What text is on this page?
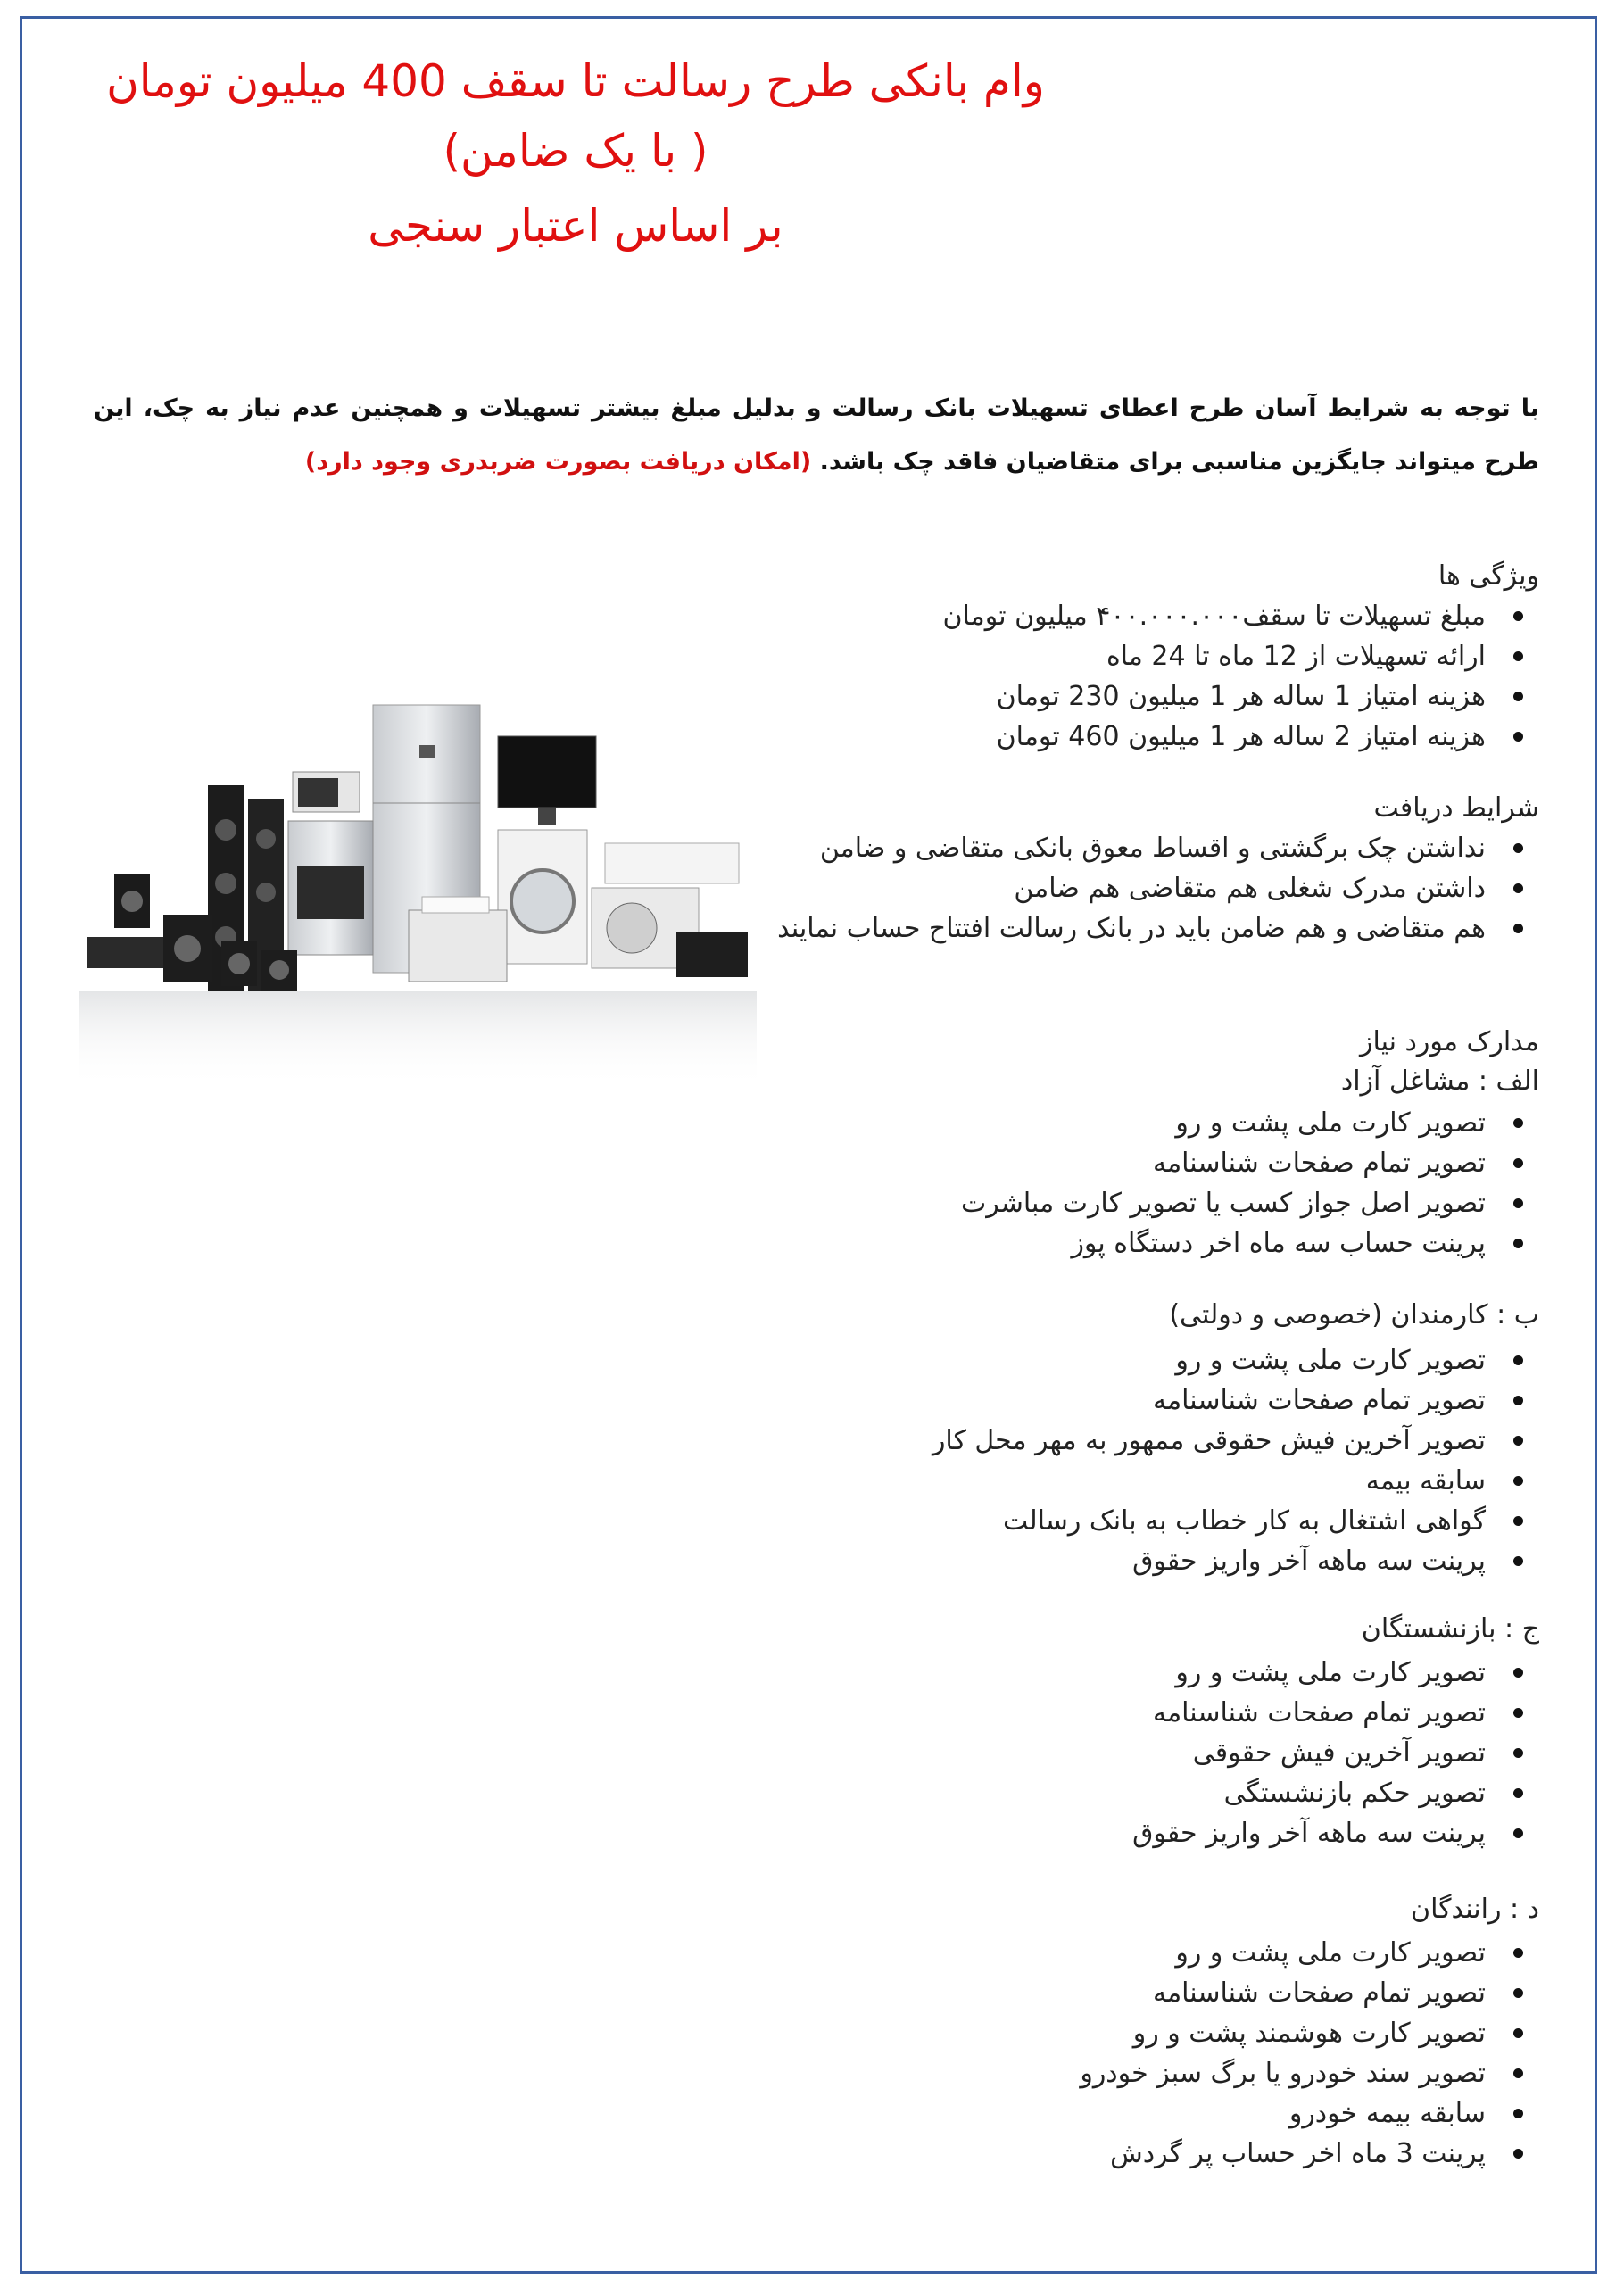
وام بانکی طرح رسالت تا سقف 400 میلیون تومان
( با یک ضامن)
بر اساس اعتبار سنجی
با توجه به شرایط آسان طرح اعطای تسهیلات بانک رسالت و بدلیل مبلغ بیشتر تسهیلات و همچنین عدم نیاز به چک، این طرح میتواند جایگزین مناسبی برای متقاضیان فاقد چک باشد. (امکان دریافت بصورت ضربدری وجود دارد)
ویژگی ها
مبلغ تسهیلات تا سقف۴۰۰.۰۰۰.۰۰۰ میلیون تومان
ارائه تسهیلات از 12 ماه تا 24 ماه
هزینه امتیاز 1 ساله هر 1 میلیون 230 تومان
هزینه امتیاز 2 ساله هر 1 میلیون 460 تومان
شرایط دریافت
نداشتن چک برگشتی و اقساط معوق بانکی متقاضی و ضامن
داشتن مدرک شغلی هم متقاضی هم ضامن
هم متقاضی و هم ضامن باید در بانک رسالت افتتاح حساب نمایند
مدارک مورد نیاز
الف : مشاغل آزاد
تصویر کارت ملی پشت و رو
تصویر تمام صفحات شناسنامه
تصویر اصل جواز کسب یا تصویر کارت مباشرت
پرینت حساب سه ماه اخر دستگاه پوز
ب : کارمندان (خصوصی و دولتی)
تصویر کارت ملی پشت و رو
تصویر تمام صفحات شناسنامه
تصویر آخرین فیش حقوقی ممهور به مهر محل کار
سابقه بیمه
گواهی اشتغال به کار خطاب به بانک رسالت
پرینت سه ماهه آخر واریز حقوق
ج : بازنشستگان
تصویر کارت ملی پشت و رو
تصویر تمام صفحات شناسنامه
تصویر آخرین فیش حقوقی
تصویر حکم بازنشستگی
پرینت سه ماهه آخر واریز حقوق
د : رانندگان
تصویر کارت ملی پشت و رو
تصویر تمام صفحات شناسنامه
تصویر کارت هوشمند پشت و رو
تصویر سند خودرو یا برگ سبز خودرو
سابقه بیمه خودرو
پرینت 3 ماه اخر حساب پر گردش
